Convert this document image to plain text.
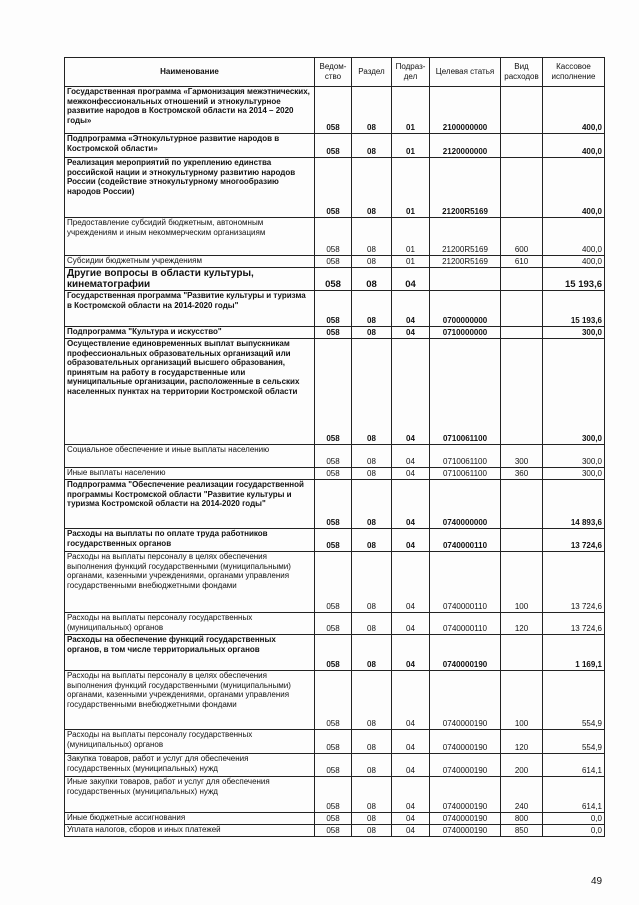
Наименование	Ведом-ство	Раздел	Подраз-дел	Целевая статья	Вид расходов	Кассовое исполнение
Государственная программа «Гармонизация межэтнических, межконфессиональных отношений и этнокультурное развитие народов в Костромской области на 2014 – 2020 годы»	058	08	01	2100000000		400,0
Подпрограмма «Этнокультурное развитие народов в Костромской области»	058	08	01	2120000000		400,0
Реализация мероприятий по укреплению единства российской нации и этнокультурному развитию народов России (содействие этнокультурному многообразию народов России)	058	08	01	21200R5169		400,0
Предоставление субсидий бюджетным, автономным учреждениям и иным некоммерческим организациям	058	08	01	21200R5169	600	400,0
Субсидии бюджетным учреждениям	058	08	01	21200R5169	610	400,0
Другие вопросы в области культуры, кинематографии	058	08	04			15 193,6
Государственная программа "Развитие культуры и туризма в Костромской области на 2014-2020 годы"	058	08	04	0700000000		15 193,6
Подпрограмма "Культура и искусство"	058	08	04	0710000000		300,0
Осуществление единовременных выплат выпускникам профессиональных образовательных организаций или образовательных организаций высшего образования, принятым на работу в государственные или муниципальные организации, расположенные в сельских населенных пунктах на территории Костромской области	058	08	04	0710061100		300,0
Социальное обеспечение и иные выплаты населению	058	08	04	0710061100	300	300,0
Иные выплаты населению	058	08	04	0710061100	360	300,0
Подпрограмма "Обеспечение реализации государственной программы Костромской области "Развитие культуры и туризма Костромской области на 2014-2020 годы"	058	08	04	0740000000		14 893,6
Расходы на выплаты по оплате труда работников государственных органов	058	08	04	0740000110		13 724,6
Расходы на выплаты персоналу в целях обеспечения выполнения функций государственными (муниципальными) органами, казенными учреждениями, органами управления государственными внебюджетными фондами	058	08	04	0740000110	100	13 724,6
Расходы на выплаты персоналу государственных (муниципальных) органов	058	08	04	0740000110	120	13 724,6
Расходы на обеспечение функций государственных органов, в том числе территориальных органов	058	08	04	0740000190		1 169,1
Расходы на выплаты персоналу в целях обеспечения выполнения функций государственными (муниципальными) органами, казенными учреждениями, органами управления государственными внебюджетными фондами	058	08	04	0740000190	100	554,9
Расходы на выплаты персоналу государственных (муниципальных) органов	058	08	04	0740000190	120	554,9
Закупка товаров, работ и услуг для обеспечения государственных (муниципальных) нужд	058	08	04	0740000190	200	614,1
Иные закупки товаров, работ и услуг для обеспечения государственных (муниципальных) нужд	058	08	04	0740000190	240	614,1
Иные бюджетные ассигнования	058	08	04	0740000190	800	0,0
Уплата налогов, сборов и иных платежей	058	08	04	0740000190	850	0,0
49
